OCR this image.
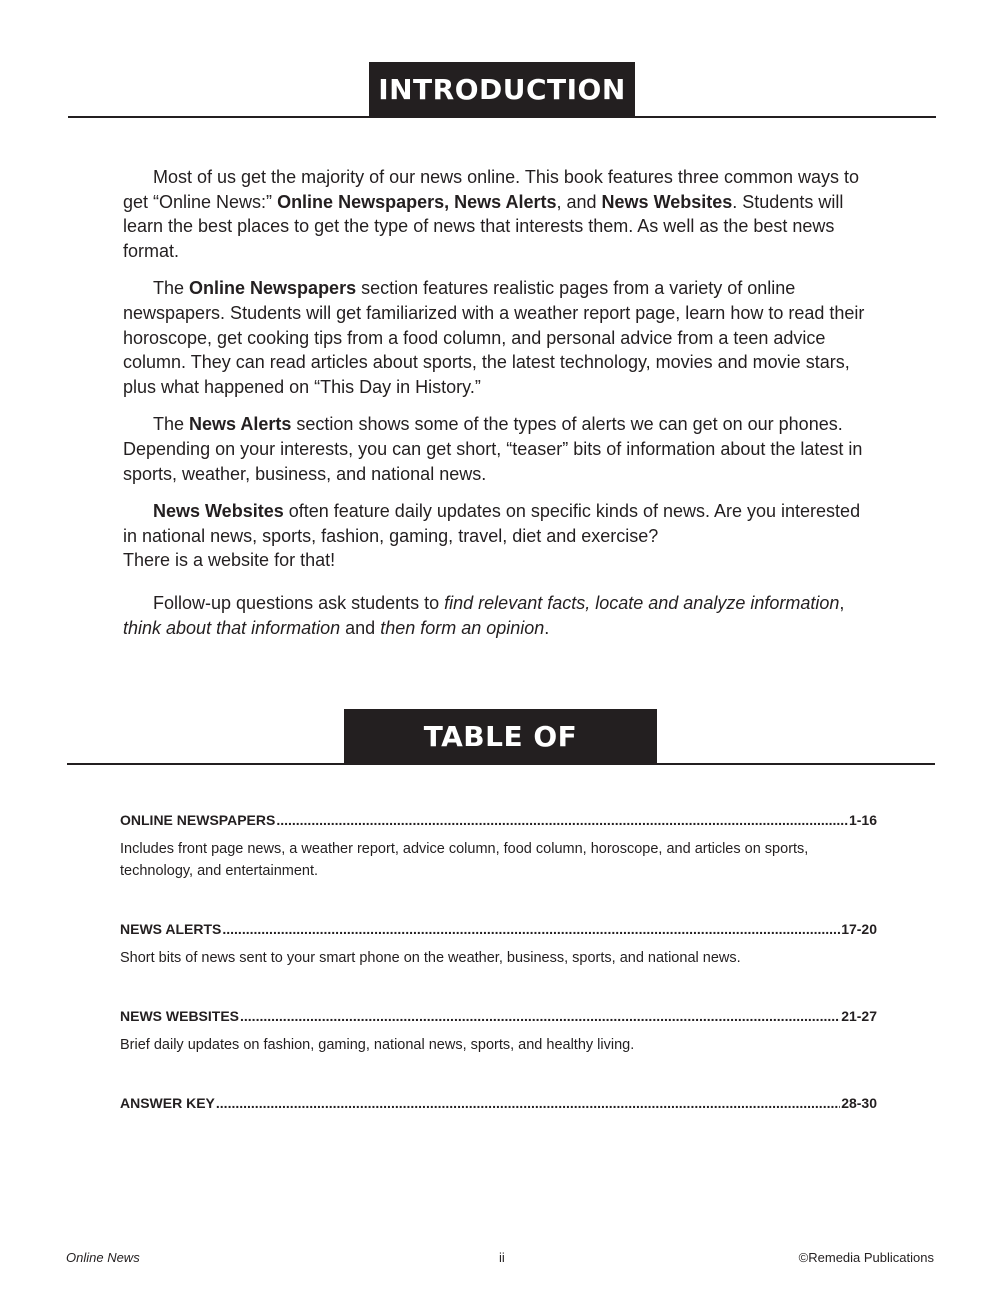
INTRODUCTION

Most of us get the majority of our news online. This book features three common ways to get “Online News:” Online Newspapers, News Alerts, and News Websites. Students will learn the best places to get the type of news that interests them. As well as the best news format.

The Online Newspapers section features realistic pages from a variety of online newspapers. Students will get familiarized with a weather report page, learn how to read their horoscope, get cooking tips from a food column, and personal advice from a teen advice column. They can read articles about sports, the latest technology, movies and movie stars, plus what happened on “This Day in History.”

The News Alerts section shows some of the types of alerts we can get on our phones. Depending on your interests, you can get short, “teaser” bits of information about the latest in sports, weather, business, and national news.

News Websites often feature daily updates on specific kinds of news. Are you interested in national news, sports, fashion, gaming, travel, diet and exercise?
There is a website for that!

Follow-up questions ask students to find relevant facts, locate and analyze information, think about that information and then form an opinion.

TABLE OF CONTENT
ONLINE NEWSPAPERS .....	1-16
Includes front page news, a weather report, advice column, food column, horoscope, and articles on sports, technology, and entertainment.
NEWS ALERTS .....	17-20
Short bits of news sent to your smart phone on the weather, business, sports, and national news.
NEWS WEBSITES .....	21-27
Brief daily updates on fashion, gaming, national news, sports, and healthy living.
ANSWER KEY .....	28-30
Online News	ii	©Remedia Publications
